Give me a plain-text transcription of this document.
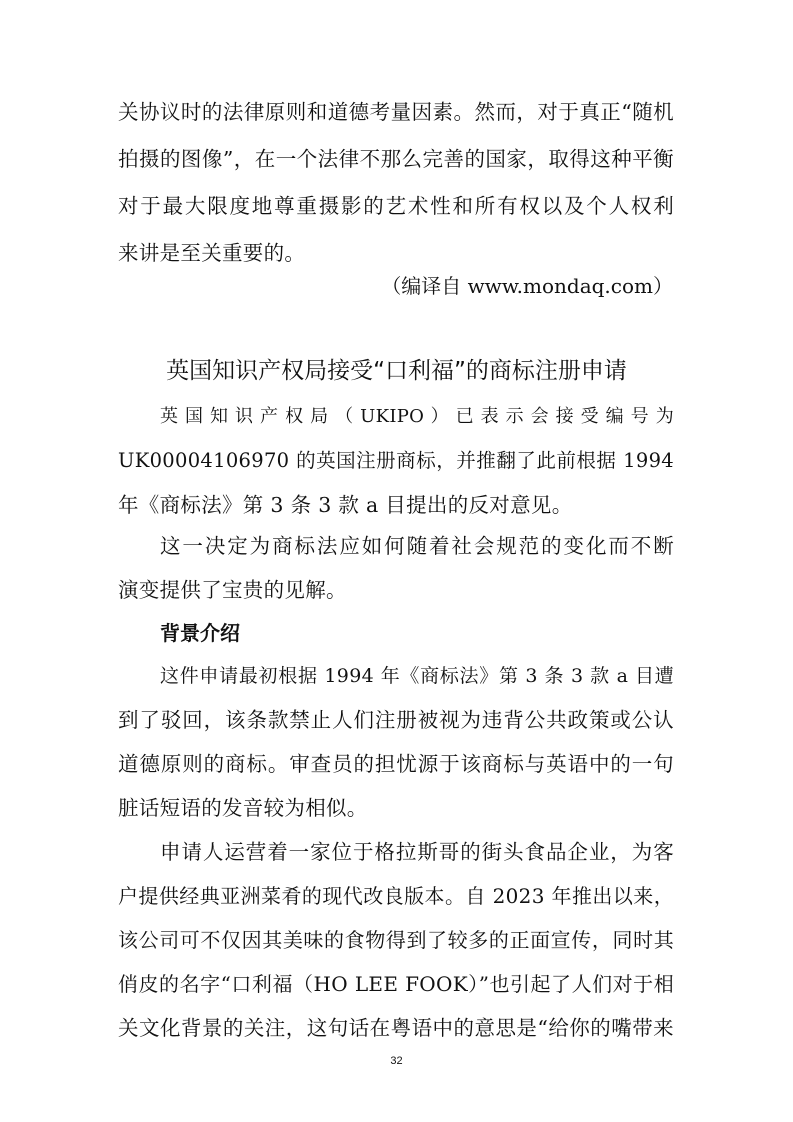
关协议时的法律原则和道德考量因素。然而，对于真正“随机
拍摄的图像”，在一个法律不那么完善的国家，取得这种平衡
对于最大限度地尊重摄影的艺术性和所有权以及个人权利
来讲是至关重要的。
（编译自 www.mondaq.com）
英国知识产权局接受“口利福”的商标注册申请
英 国 知 识 产 权 局 （ UKIPO ） 已 表 示 会 接 受 编 号 为
UK00004106970 的英国注册商标，并推翻了此前根据 1994
年《商标法》第 3 条 3 款 a 目提出的反对意见。
这一决定为商标法应如何随着社会规范的变化而不断
演变提供了宝贵的见解。
背景介绍
这件申请最初根据 1994 年《商标法》第 3 条 3 款 a 目遭
到了驳回，该条款禁止人们注册被视为违背公共政策或公认
道德原则的商标。审查员的担忧源于该商标与英语中的一句
脏话短语的发音较为相似。
申请人运营着一家位于格拉斯哥的街头食品企业，为客
户提供经典亚洲菜肴的现代改良版本。自 2023 年推出以来，
该公司可不仅因其美味的食物得到了较多的正面宣传，同时其
俏皮的名字“口利福（HO LEE FOOK）”也引起了人们对于相
关文化背景的关注，这句话在粤语中的意思是“给你的嘴带来
32
